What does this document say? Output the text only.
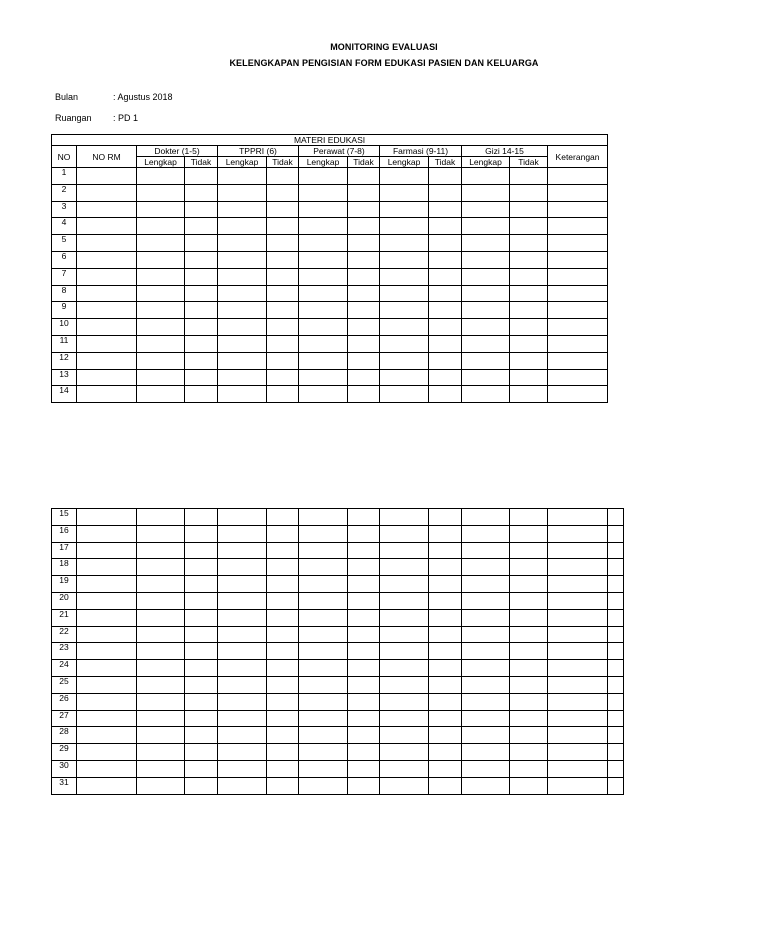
MONITORING EVALUASI
KELENGKAPAN PENGISIAN FORM EDUKASI PASIEN DAN KELUARGA
Bulan	: Agustus 2018
Ruangan : PD 1
MATERI EDUKASI												
NO	NO RM	Dokter (1-5)		TPPRI (6)		Perawat (7-8)		Farmasi (9-11)		Gizi 14-15		Keterangan
		Lengkap	Tidak	Lengkap	Tidak	Lengkap	Tidak	Lengkap	Tidak	Lengkap	Tidak	
1												
2												
3												
4												
5												
6												
7												
8												
9												
10												
11												
12												
13												
14												
15													
16													
17													
18													
19													
20													
21													
22													
23													
24													
25													
26													
27													
28													
29													
30													
31													
